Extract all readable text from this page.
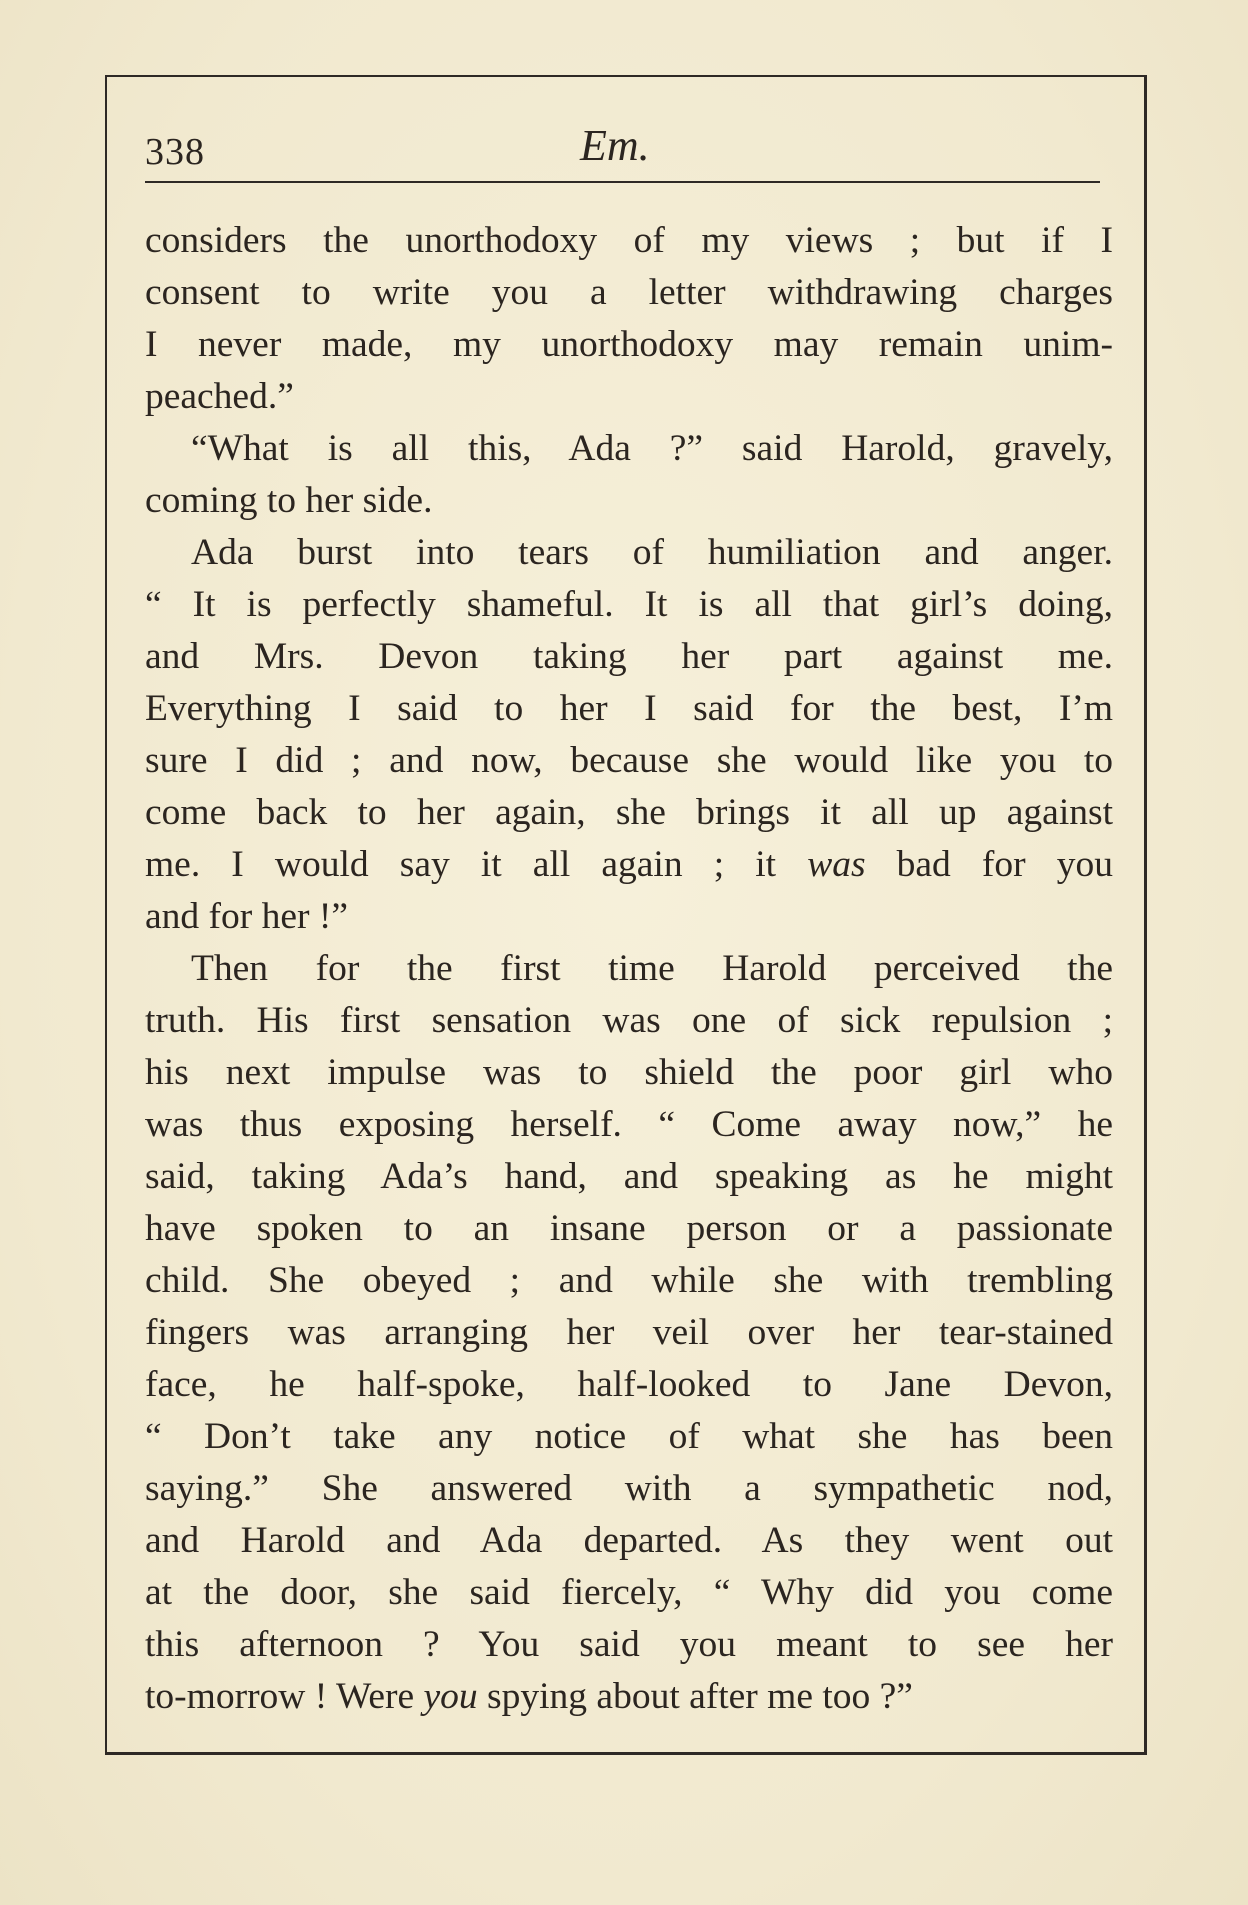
338	Em.
considers the unorthodoxy of my views ; but if I
consent to write you a letter withdrawing charges
I never made, my unorthodoxy may remain unim-
peached.”
“What is all this, Ada ?” said Harold, gravely,
coming to her side.
Ada burst into tears of humiliation and anger.
“ It is perfectly shameful. It is all that girl’s doing,
and Mrs. Devon taking her part against me.
Everything I said to her I said for the best, I’m
sure I did ; and now, because she would like you to
come back to her again, she brings it all up against
me. I would say it all again ; it was bad for you
and for her !”
Then for the first time Harold perceived the
truth. His first sensation was one of sick repulsion ;
his next impulse was to shield the poor girl who
was thus exposing herself. “ Come away now,” he
said, taking Ada’s hand, and speaking as he might
have spoken to an insane person or a passionate
child. She obeyed ; and while she with trembling
fingers was arranging her veil over her tear-stained
face, he half-spoke, half-looked to Jane Devon,
“ Don’t take any notice of what she has been
saying.” She answered with a sympathetic nod,
and Harold and Ada departed. As they went out
at the door, she said fiercely, “ Why did you come
this afternoon ? You said you meant to see her
to-morrow ! Were you spying about after me too ?”
